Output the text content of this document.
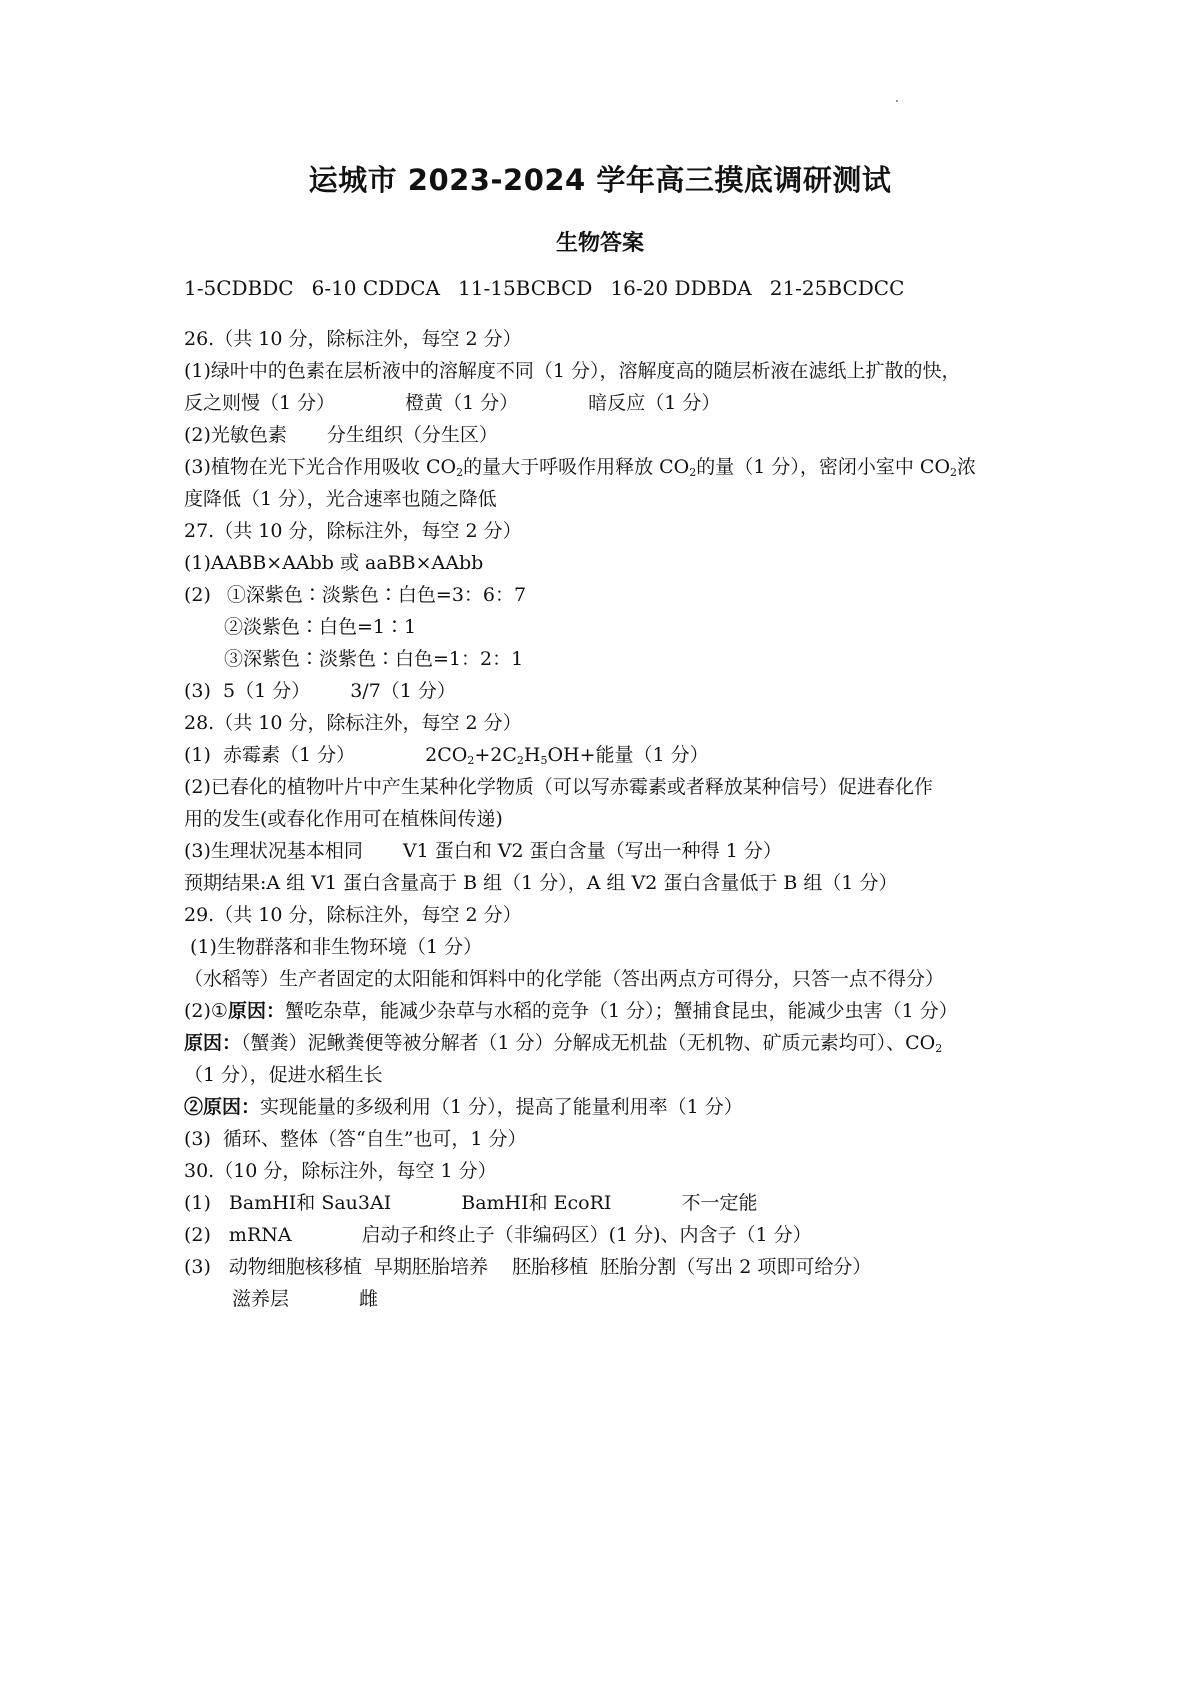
运城市 2023-2024 学年高三摸底调研测试
生物答案
1-5CDBDC 6-10 CDDCA 11-15BCBCD 16-20 DDBDA 21-25BCDCC
26.（共 10 分，除标注外，每空 2 分）
(1)绿叶中的色素在层析液中的溶解度不同（1 分），溶解度高的随层析液在滤纸上扩散的快，
反之则慢（1 分）	橙黄（1 分）	暗反应（1 分）
(2)光敏色素 分生组织（分生区）
(3)植物在光下光合作用吸收 $CO_2$的量大于呼吸作用释放 $CO_2$的量（1 分），密闭小室中 $CO_2$浓
度降低（1 分），光合速率也随之降低
27.（共 10 分，除标注外，每空 2 分）
(1)AABB×AAbb 或 aaBB×AAbb
(2) ①深紫色∶淡紫色∶白色=3：6：7
②淡紫色∶白色=1∶1
③深紫色∶淡紫色∶白色=1：2：1
(3)  5（1 分） 3/7（1 分）
28.（共 10 分，除标注外，每空 2 分）
(1)  赤霉素（1 分）	$2CO_2+2C_2H_5OH+$能量（1 分）
(2)已春化的植物叶片中产生某种化学物质（可以写赤霉素或者释放某种信号）促进春化作
用的发生(或春化作用可在植株间传递)
(3)生理状况基本相同 V1 蛋白和 V2 蛋白含量（写出一种得 1 分）
预期结果:A 组 V1 蛋白含量高于 B 组（1 分），A 组 V2 蛋白含量低于 B 组（1 分）
29.（共 10 分，除标注外，每空 2 分）
(1)生物群落和非生物环境（1 分）
（水稻等）生产者固定的太阳能和饵料中的化学能（答出两点方可得分，只答一点不得分）
(2)①原因：蟹吃杂草，能减少杂草与水稻的竞争（1 分）；蟹捕食昆虫，能减少虫害（1 分）
原因：（蟹粪）泥鳅粪便等被分解者（1 分）分解成无机盐（无机物、矿质元素均可）、$CO_2$
（1 分），促进水稻生长
②原因：实现能量的多级利用（1 分），提高了能量利用率（1 分）
(3)  循环、整体（答“自生”也可，1 分）
30.（10 分，除标注外，每空 1 分）
(1) BamHⅠ和 Sau3AⅠ	BamHⅠ和 EcoRⅠ	不一定能
(2) mRNA	启动子和终止子（非编码区）(1 分)、内含子（1 分）
(3) 动物细胞核移植  早期胚胎培养    胚胎移植  胚胎分割（写出 2 项即可给分）
滋养层	雌
